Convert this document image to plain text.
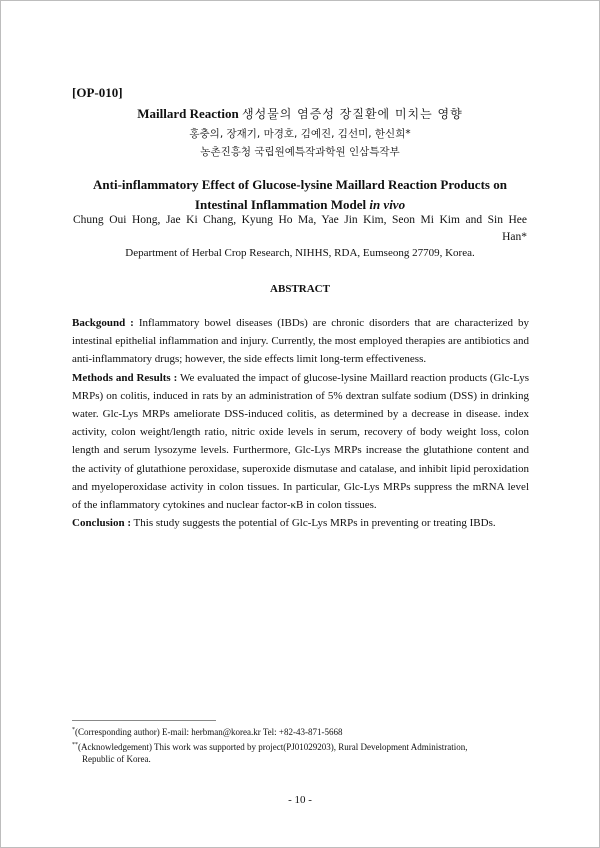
[OP-010]
Maillard Reaction 생성물의 염증성 장질환에 미치는 영향
홍충의, 장재기, 마경호, 김예진, 김선미, 한신희*
농촌진흥청 국립원예특작과학원 인삼특작부
Anti-inflammatory Effect of Glucose-lysine Maillard Reaction Products on
Intestinal Inflammation Model in vivo
Chung Oui Hong, Jae Ki Chang, Kyung Ho Ma, Yae Jin Kim, Seon Mi Kim and Sin Hee
Han*
Department of Herbal Crop Research, NIHHS, RDA, Eumseong 27709, Korea.
ABSTRACT

Backgound : Inflammatory bowel diseases (IBDs) are chronic disorders that are characterized by intestinal epithelial inflammation and injury. Currently, the most employed therapies are antibiotics and anti-inflammatory drugs; however, the side effects limit long-term effectiveness.

Methods and Results : We evaluated the impact of glucose-lysine Maillard reaction products (Glc-Lys MRPs) on colitis, induced in rats by an administration of 5% dextran sulfate sodium (DSS) in drinking water. Glc-Lys MRPs ameliorate DSS-induced colitis, as determined by a decrease in disease. index activity, colon weight/length ratio, nitric oxide levels in serum, recovery of body weight loss, colon length and serum lysozyme levels. Furthermore, Glc-Lys MRPs increase the glutathione content and the activity of glutathione peroxidase, superoxide dismutase and catalase, and inhibit lipid peroxidation and myeloperoxidase activity in colon tissues. In particular, Glc-Lys MRPs suppress the mRNA level of the inflammatory cytokines and nuclear factor-κB in colon tissues.

Conclusion : This study suggests the potential of Glc-Lys MRPs in preventing or treating IBDs.

*(Corresponding author) E-mail: herbman@korea.kr Tel: +82-43-871-5668
**(Acknowledgement) This work was supported by project(PJ01029203), Rural Development Administration,
Republic of Korea.
- 10 -
